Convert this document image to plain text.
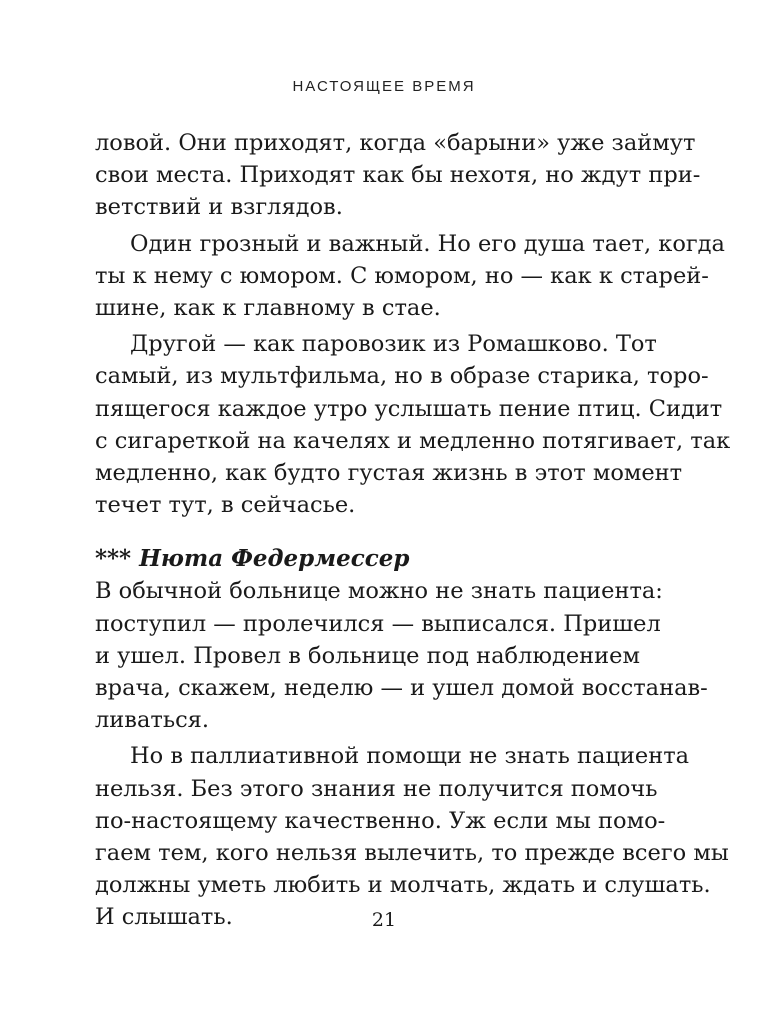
НАСТОЯЩЕЕ ВРЕМЯ
ловой. Они приходят, когда «барыни» уже займут
свои места. Приходят как бы нехотя, но ждут при-
ветствий и взглядов.
Один грозный и важный. Но его душа тает, когда
ты к нему с юмором. С юмором, но — как к старей-
шине, как к главному в стае.
Другой — как паровозик из Ромашково. Тот
самый, из мультфильма, но в образе старика, торо-
пящегося каждое утро услышать пение птиц. Сидит
с сигареткой на качелях и медленно потягивает, так
медленно, как будто густая жизнь в этот момент
течет тут, в сейчасье.
*** Нюта Федермессер
В обычной больнице можно не знать пациента:
поступил — пролечился — выписался. Пришел
и ушел. Провел в больнице под наблюдением
врача, скажем, неделю — и ушел домой восстанав-
ливаться.
Но в паллиативной помощи не знать пациента
нельзя. Без этого знания не получится помочь
по-настоящему качественно. Уж если мы помо-
гаем тем, кого нельзя вылечить, то прежде всего мы
должны уметь любить и молчать, ждать и слушать.
И слышать.	21
